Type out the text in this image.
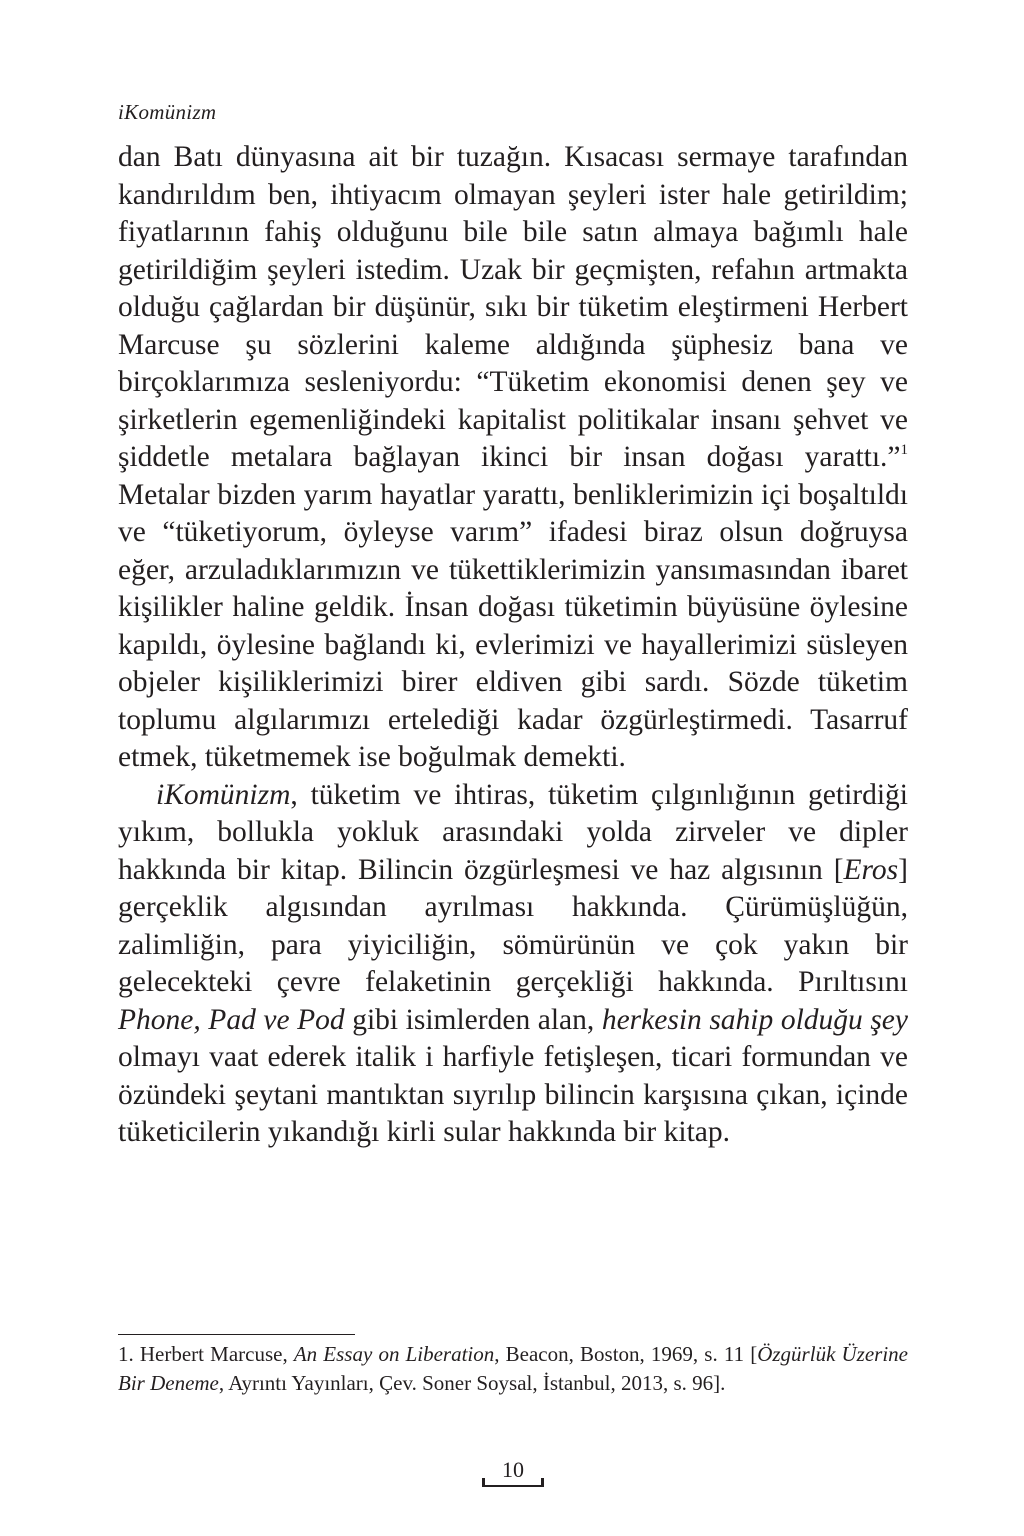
iKomünizm

dan Batı dünyasına ait bir tuzağın. Kısacası sermaye tarafından kandırıldım ben, ihtiyacım olmayan şeyleri ister hale getirildim; fiyatlarının fahiş olduğunu bile bile satın almaya bağımlı hale getirildiğim şeyleri istedim. Uzak bir geçmişten, refahın artmakta olduğu çağlardan bir düşünür, sıkı bir tüketim eleştirmeni Herbert Marcuse şu sözlerini kaleme aldığında şüphesiz bana ve birçoklarımıza sesleniyordu: “Tüketim ekonomisi denen şey ve şirketlerin egemenliğindeki kapitalist politikalar insanı şehvet ve şiddetle metalara bağlayan ikinci bir insan doğası yarattı.”$^1$ Metalar bizden yarım hayatlar yarattı, benliklerimizin içi boşaltıldı ve “tüketiyorum, öyleyse varım” ifadesi biraz olsun doğruysa eğer, arzuladıklarımızın ve tükettiklerimizin yansımasından ibaret kişilikler haline geldik. İnsan doğası tüketimin büyüsüne öylesine kapıldı, öylesine bağlandı ki, evlerimizi ve hayallerimizi süsleyen objeler kişiliklerimizi birer eldiven gibi sardı. Sözde tüketim toplumu algılarımızı ertelediği kadar özgürleştirmedi. Tasarruf etmek, tüketmemek ise boğulmak demekti.

iKomünizm, tüketim ve ihtiras, tüketim çılgınlığının getirdiği yıkım, bollukla yokluk arasındaki yolda zirveler ve dipler hakkında bir kitap. Bilincin özgürleşmesi ve haz algısının [Eros] gerçeklik algısından ayrılması hakkında. Çürümüşlüğün, zalimliğin, para yiyiciliğin, sömürünün ve çok yakın bir gelecekteki çevre felaketinin gerçekliği hakkında. Pırıltısını Phone, Pad ve Pod gibi isimlerden alan, herkesin sahip olduğu şey olmayı vaat ederek italik i harfiyle fetişleşen, ticari formundan ve özündeki şeytani mantıktan sıyrılıp bilincin karşısına çıkan, içinde tüketicilerin yıkandığı kirli sular hakkında bir kitap.

1. Herbert Marcuse, An Essay on Liberation, Beacon, Boston, 1969, s. 11 [Özgürlük Üzerine Bir Deneme, Ayrıntı Yayınları, Çev. Soner Soysal, İstanbul, 2013, s. 96].
10
